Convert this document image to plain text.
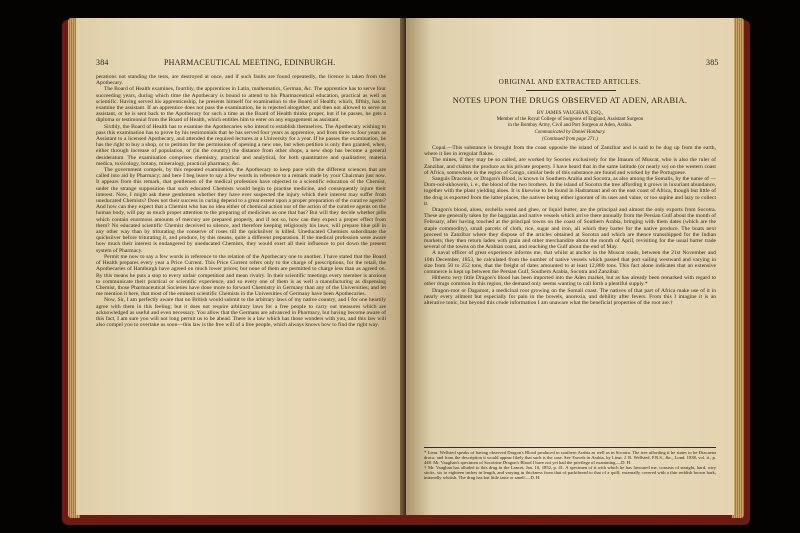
384	PHARMACEUTICAL MEETING, EDINBURGH.

perations not standing the tests, are destroyed at once, and if such faults are found repeatedly, the licence is taken from the Apothecary.

The Board of Health examines, fourthly, the apprentices in Latin, mathematics, German, &c. The apprentice has to serve four succeeding years, during which time the Apothecary is bound to attend to his Pharmaceutical education, practical as well as scientific. Having served his apprenticeship, he presents himself for examination to the Board of Health; which, fifthly, has to examine the assistant. If an apprentice does not pass the examination, he is rejected altogether, and then not allowed to serve as assistant, or he is sent back to the Apothecary for such a time as the Board of Health thinks proper, but if he passes, he gets a diploma or testimonial from the Board of Health, which entitles him to enter on any engagement as assistant.

Sixthly, the Board of Health has to examine the Apothecaries who intend to establish themselves. The Apothecary wishing to pass this examination has to prove by his testimonials that he has served four years as apprentice, and from three to four years as Assistant to a licensed Apothecary, and attended the required lectures at a University for a year. If he passes the examination, he has the right to buy a shop, or to petition for the permission of opening a new one, but when petition is only then granted, when, either through increase of population, or (in the country) the distance from other shops, a new shop has become a general desideratum. The examination comprises chemistry, practical and analytical, for both quantitative and qualitative; materia medica, toxicology, botany, mineralogy, practical pharmacy, &c.

The government compels, by this repeated examination, the Apothecary to keep pace with the different sciences that are called into aid by Pharmacy; and here I beg leave to say a few words in reference to a remark made by your Chairman just now. It appears from this remark, that gentlemen of the medical profession have objected to a scientific education of the Chemist, under the strange supposition that such educated Chemists would begin to practise medicine, and consequently injure their interest. Now, I might ask these gentlemen whether they have ever suspected the injury which their interest may suffer from uneducated Chemists? Does not their success in curing depend to a great extent upon a proper preparation of the curative agents? And how can they expect that a Chemist who has no idea either of chemical action nor of the action of the curative agents on the human body, will pay as much proper attention to the preparing of medicines as one that has? But will they decide whether pills which contain enormous amounts of mercury are prepared properly, and if not so, how can they expect a proper effect from them? No educated scientific Chemist deceived to silence, and therefore keeping religiously his laws, will prepare blue pill in any other way than by triturating the conserve of roses till the quicksilver is killed. Uneducated Chemists subordinate the quicksilver before triturating it, and produce, by this means, quite a different preparation. If the medical profession were aware how much their interest is endangered by uneducated Chemists, they would exert all their influence to put down the present system of Pharmacy.

Permit me now to say a few words in reference to the relation of the Apothecary one to another. I have stated that the Board of Health prepares every year a Price Current. This Price Current refers only to the charge of prescriptions, for the retail, the Apothecaries of Hamburgh have agreed on much lower prices; but none of them are permitted to charge less than as agreed on. By this means he puts a stop to every unfair competition and mean rivalry. In their scientific meetings every member is anxious to communicate their practical or scientific experience, and so every one of them is as well a manufacturing as dispensing Chemist, those Pharmaceutical Societies have done more to forward Chemistry in Germany than any of the Universities; and let me mention it here, that most of the eminent scientific Chemists in the Universities of Germany have been Apothecaries.

Now, Sir, I am perfectly aware that no British would submit to the arbitrary laws of my native country, and I for one heartily agree with them in this feeling; but it does not require arbitrary laws for a free people to carry out measures which are acknowledged as useful and even necessary. You allow that the Germans are advanced in Pharmacy, but having become aware of this fact, I am sure you will not long permit us to be ahead. There is a law which has those wonders with you, and this law will also compel you to overtake us soon—this law is the free will of a free people, which always knows how to find the right way.

385
ORIGINAL AND EXTRACTED ARTICLES.
NOTES UPON THE DRUGS OBSERVED AT ADEN, ARABIA.
BY JAMES VAUGHAN, ESQ.,
Member of the Royal College of Surgeons of England, Assistant Surgeon
in the Bombay Army, Civil and Port Surgeon at Aden, Arabia.
Communicated by Daniel Hanbury.
(Continued from page 271.)

Copal.—This substance is brought from the coast opposite the island of Zanzibar and is said to be dug up from the earth, where it lies in irregular flakes.

The mines, if they may be so called, are worked by Soories exclusively for the Imaum of Muscat, who is also the ruler of Zanzibar, and claims the produce as his private property. I have heard that in the same latitude (or nearly so) on the western coast of Africa, somewhere in the region of Congo, similar beds of this substance are found and worked by the Portuguese.

Sanguis Draconis, or Dragon's Blood, is known in Southern Arabia and Socotra, as also among the Somalis, by the name of — Dum-ool-akhowein, i. e., the blood of the two brothers. In the island of Socotra the tree affording it grows in luxuriant abundance, together with the plant yielding aloes. It is likewise to be found in Hadramaut and on the east coast of Africa, though but little of the drug is exported from the latter places, the natives being either ignorant of its uses and value, or too supine and lazy to collect it.

Dragon's blood, aloes, orchella weed and ghee, or liquid butter, are the principal and almost the only exports from Socotra. These are generally taken by the baggalas and native vessels which arrive there annually from the Persian Gulf about the month of February, after having touched at the principal towns on the coast of Southern Arabia, bringing with them dates (which are the staple commodity), small parcels of cloth, rice, sugar and iron, all which they barter for the native produce. The boats next proceed to Zanzibar where they dispose of the articles obtained at Socotra and which are thence transshipped for the Indian markets; they then return laden with grain and other merchandize about the month of April, revisiting for the usual barter trade several of the towns on the Arabian coast, and reaching the Gulf about the end of May.

A naval officer of great experience informs me, that whilst at anchor in the Muscat roads, between the 21st November and 10th December, 1853, he calculated from the number of native vessels which passed that port sailing westward and varying in size from 50 to 252 tons, that the freight of dates amounted to at least 12,880 tons. This fact alone indicates that an extensive commerce is kept up between the Persian Gulf, Southern Arabia, Socotra and Zanzibar.

Hitherto very little Dragon's blood has been imported into the Aden market, but as has already been remarked with regard to other drugs common in this region, the demand only seems wanting to call forth a plentiful supply.*

Dragon-root or Dagaroot, a medicinal root growing on the Somali coast. The natives of that part of Africa make use of it in nearly every ailment but especially for pain in the bowels, anorexia, and debility after fevers. From this I imagine it is an alterative tonic, but beyond this crude information I am unaware what the beneficial properties of the root are.†

* Lieut. Wellsted speaks of having observed Dragon's Blood produced in southern Arabia as well as in Socotra. The tree affording it he states to be Dracaena draco; and from the description it would appear likely that such is the case. See Travels in Arabia, by Lieut. J. R. Wellsted, F.R.S., &c., Lond. 1838, vol. ii., p. 448. Mr. Vaughan's specimen of Socotrine Dragon's Blood I have not yet had the privilege of examining.—D. H.
† Mr. Vaughan has alluded to this drug in the Lancet, Jan. 10, 1852, p. 41. A specimen of it with which he has favoured me, consists of straight, hard, wiry sticks, six to eighteen inches in length, and varying in thickness from that of packthread to that of a quill; externally covered with a thin reddish brown bark, internally whitish. The drug has but little taste or smell.—D. H.
